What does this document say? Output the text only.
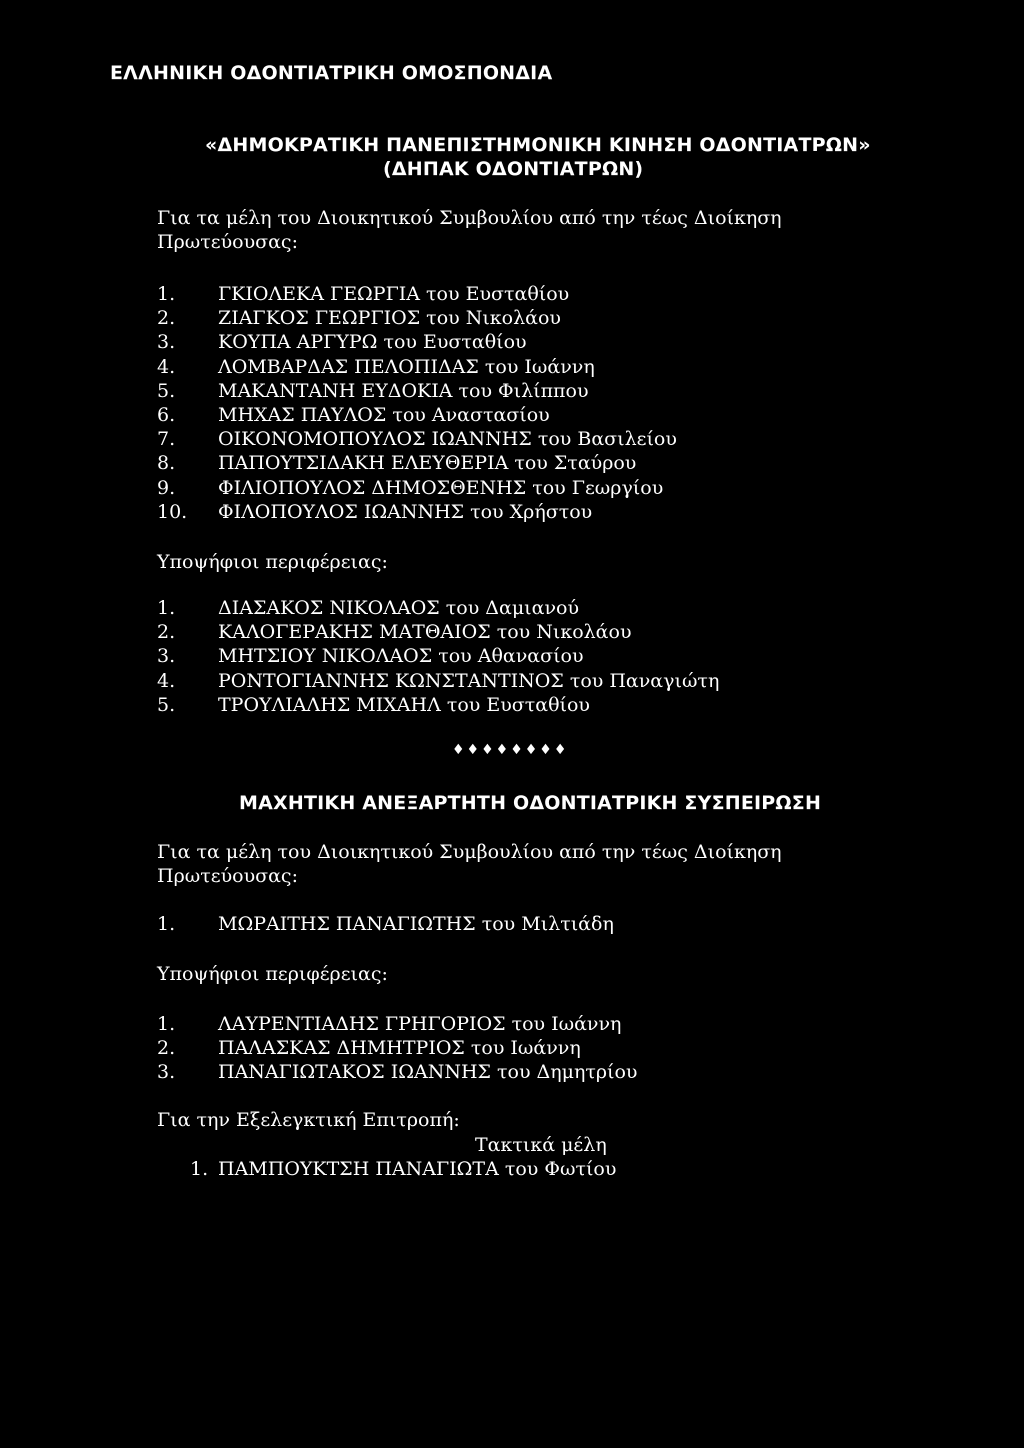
ΕΛΛΗΝΙΚΗ ΟΔΟΝΤΙΑΤΡΙΚΗ ΟΜΟΣΠΟΝΔΙΑ
«ΔΗΜΟΚΡΑΤΙΚΗ ΠΑΝΕΠΙΣΤΗΜΟΝΙΚΗ ΚΙΝΗΣΗ ΟΔΟΝΤΙΑΤΡΩΝ»
(ΔΗΠΑΚ ΟΔΟΝΤΙΑΤΡΩΝ)
Για τα μέλη του Διοικητικού Συμβουλίου από την τέως Διοίκηση
Πρωτεύουσας:
1. ΓΚΙΟΛΕΚΑ ΓΕΩΡΓΙΑ του Ευσταθίου
2. ΖΙΑΓΚΟΣ ΓΕΩΡΓΙΟΣ του Νικολάου
3. ΚΟΥΠΑ ΑΡΓΥΡΩ του Ευσταθίου
4. ΛΟΜΒΑΡΔΑΣ ΠΕΛΟΠΙΔΑΣ του Ιωάννη
5. ΜΑΚΑΝΤΑΝΗ ΕΥΔΟΚΙΑ του Φιλίππου
6. ΜΗΧΑΣ ΠΑΥΛΟΣ του Αναστασίου
7. ΟΙΚΟΝΟΜΟΠΟΥΛΟΣ ΙΩΑΝΝΗΣ του Βασιλείου
8. ΠΑΠΟΥΤΣΙΔΑΚΗ ΕΛΕΥΘΕΡΙΑ του Σταύρου
9. ΦΙΛΙΟΠΟΥΛΟΣ ΔΗΜΟΣΘΕΝΗΣ του Γεωργίου
10. ΦΙΛΟΠΟΥΛΟΣ ΙΩΑΝΝΗΣ του Χρήστου
Υποψήφιοι περιφέρειας:
1. ΔΙΑΣΑΚΟΣ ΝΙΚΟΛΑΟΣ του Δαμιανού
2. ΚΑΛΟΓΕΡΑΚΗΣ ΜΑΤΘΑΙΟΣ του Νικολάου
3. ΜΗΤΣΙΟΥ ΝΙΚΟΛΑΟΣ του Αθανασίου
4. ΡΟΝΤΟΓΙΑΝΝΗΣ ΚΩΝΣΤΑΝΤΙΝΟΣ του Παναγιώτη
5. ΤΡΟΥΛΙΑΛΗΣ ΜΙΧΑΗΛ του Ευσταθίου
♦♦♦♦♦♦♦♦
ΜΑΧΗΤΙΚΗ ΑΝΕΞΑΡΤΗΤΗ ΟΔΟΝΤΙΑΤΡΙΚΗ ΣΥΣΠΕΙΡΩΣΗ
Για τα μέλη του Διοικητικού Συμβουλίου από την τέως Διοίκηση
Πρωτεύουσας:
1. ΜΩΡΑΙΤΗΣ ΠΑΝΑΓΙΩΤΗΣ του Μιλτιάδη
Υποψήφιοι περιφέρειας:
1. ΛΑΥΡΕΝΤΙΑΔΗΣ ΓΡΗΓΟΡΙΟΣ του Ιωάννη
2. ΠΑΛΑΣΚΑΣ ΔΗΜΗΤΡΙΟΣ του Ιωάννη
3. ΠΑΝΑΓΙΩΤΑΚΟΣ ΙΩΑΝΝΗΣ του Δημητρίου
Για την Εξελεγκτική Επιτροπή:
Τακτικά μέλη
1. ΠΑΜΠΟΥΚΤΣΗ ΠΑΝΑΓΙΩΤΑ του Φωτίου
